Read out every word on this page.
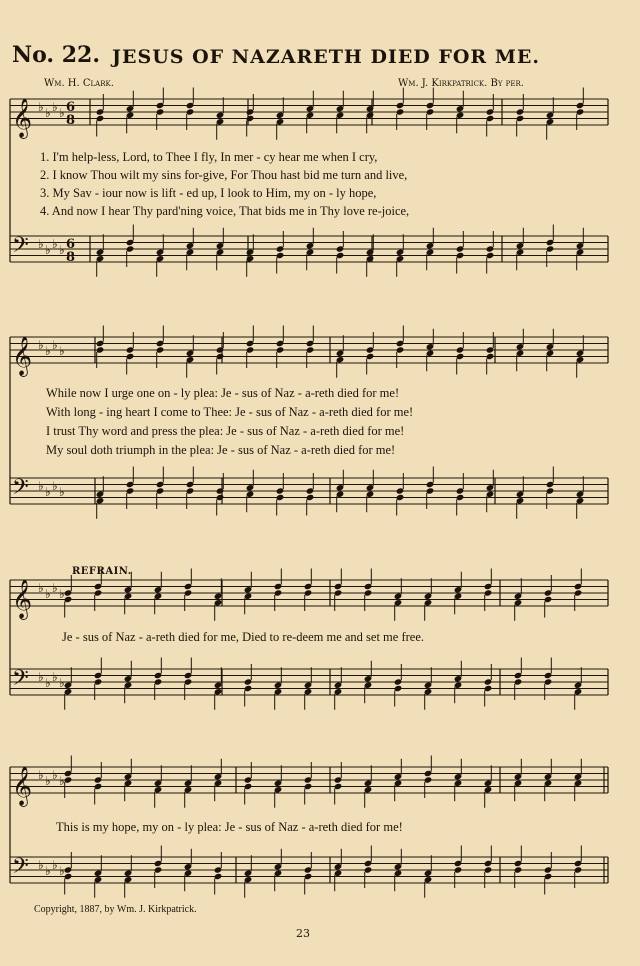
𝄞 ♭ ♭ ♭ ♭ 6
8
𝄢 ♭ ♭ ♭ ♭ 6
8
𝄞 ♭ ♭ ♭ ♭
𝄢 ♭ ♭ ♭ ♭
𝄞 ♭ ♭ ♭ ♭
𝄢 ♭ ♭ ♭ ♭
𝄞 ♭ ♭ ♭ ♭
𝄢 ♭ ♭ ♭ ♭
No. 22. JESUS OF NAZARETH DIED FOR ME.
Wm. H. Clark.	Wm. J. Kirkpatrick. By per.
1. I'm help-less, Lord, to Thee I fly, In mer - cy hear me when I cry,
2. I know Thou wilt my sins for-give, For Thou hast bid me turn and live,
3. My Sav - iour now is lift - ed up, I look to Him, my on - ly hope,
4. And now I hear Thy pard'ning voice, That bids me in Thy love re-joice,
While now I urge one on - ly plea: Je - sus of Naz - a-reth died for me!
With long - ing heart I come to Thee: Je - sus of Naz - a-reth died for me!
I trust Thy word and press the plea: Je - sus of Naz - a-reth died for me!
My soul doth triumph in the plea: Je - sus of Naz - a-reth died for me!
REFRAIN.
Je - sus of Naz - a-reth died for me, Died to re-deem me and set me free.
This is my hope, my on - ly plea: Je - sus of Naz - a-reth died for me!
Copyright, 1887, by Wm. J. Kirkpatrick.
23
